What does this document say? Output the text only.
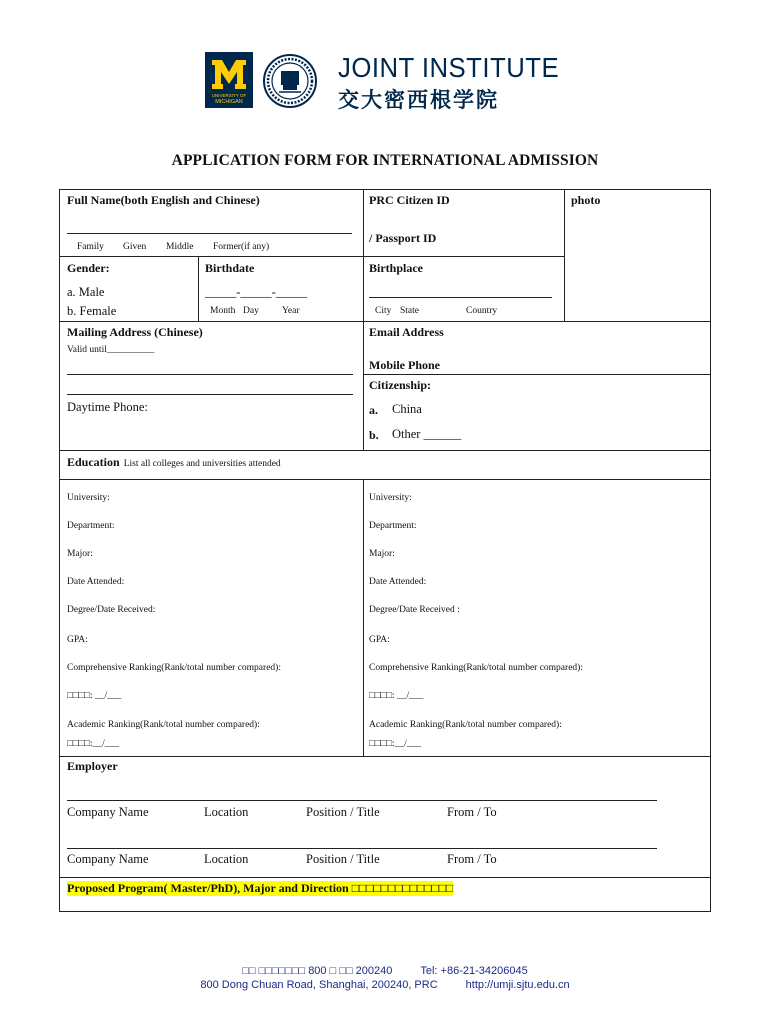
UNIVERSITY OF
MICHIGAN
JOINT INSTITUTE
交大密西根学院
APPLICATION FORM FOR INTERNATIONAL ADMISSION
Full Name(both English and Chinese)
Family Given Middle Former(if any)
PRC Citizen ID
/ Passport ID
photo
Gender:
a. Male
b. Female
Birthdate
_____-_____-_____
Month Day Year
Birthplace
City State	Country
Mailing Address (Chinese)
Valid until__________
Daytime Phone:
Email Address
Mobile Phone
Citizenship:
a. China
b. Other ______
Education List all colleges and universities attended
University:
Department:
Major:
Date Attended:
Degree/Date Received:
GPA:
Comprehensive Ranking(Rank/total number compared):
□□□□: __/___
Academic Ranking(Rank/total number compared):
□□□□:__/___
University:
Department:
Major:
Date Attended:
Degree/Date Received :
GPA:
Comprehensive Ranking(Rank/total number compared):
□□□□: __/___
Academic Ranking(Rank/total number compared):
□□□□:__/___
Employer
Company Name	Location	Position / Title	From / To
Company Name	Location	Position / Title	From / To
Proposed Program( Master/PhD), Major and Direction □□□□□□□□□□□□□□
□□ □□□□□□□ 800 □ □□ 200240	Tel: +86-21-34206045
800 Dong Chuan Road, Shanghai, 200240, PRC	http://umji.sjtu.edu.cn
